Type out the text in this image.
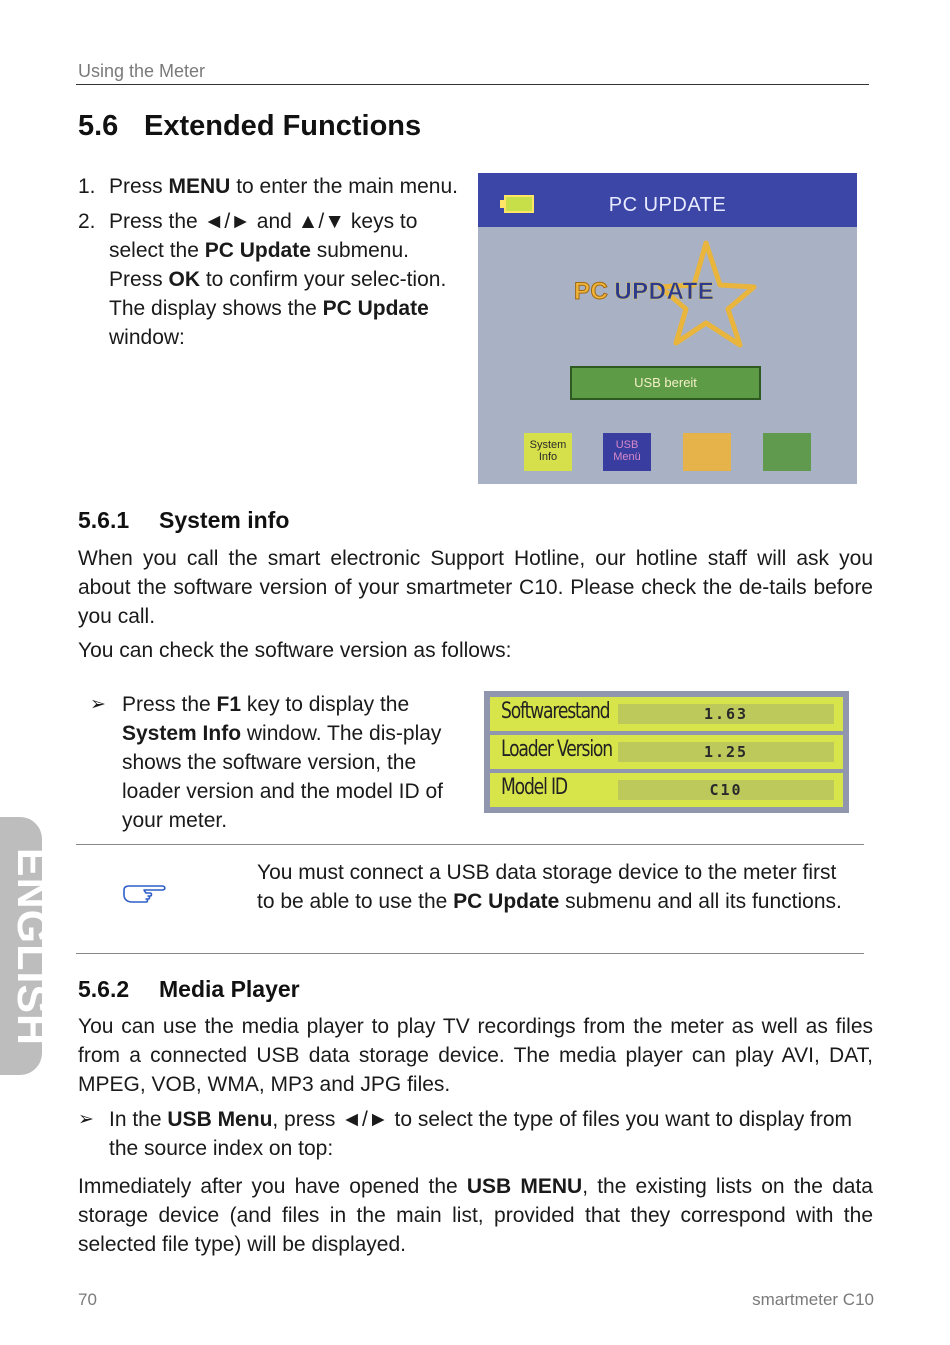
Using the Meter
5.6 Extended Functions
1. Press MENU to enter the main menu.
2. Press the ◄/► and ▲/▼ keys to select the PC Update submenu. Press OK to confirm your selec-tion. The display shows the PC Update window:
PC UPDATE
PC UPDATE
USB bereit
System Info
USB Menü
5.6.1 System info
When you call the smart electronic Support Hotline, our hotline staff will ask you about the software version of your smartmeter C10. Please check the de-tails before you call.
You can check the software version as follows:
➢ Press the F1 key to display the System Info window. The dis-play shows the software version, the loader version and the model ID of your meter.
Softwarestand	1.63
Loader Version	1.25
Model ID	C10
You must connect a USB data storage device to the meter first to be able to use the PC Update submenu and all its functions.
5.6.2 Media Player
You can use the media player to play TV recordings from the meter as well as files from a connected USB data storage device. The media player can play AVI, DAT, MPEG, VOB, WMA, MP3 and JPG files.
➢ In the USB Menu, press ◄/► to select the type of files you want to display from the source index on top:
Immediately after you have opened the USB MENU, the existing lists on the data storage device (and files in the main list, provided that they correspond with the selected file type) will be displayed.
ENGLISH
70	smartmeter C10
